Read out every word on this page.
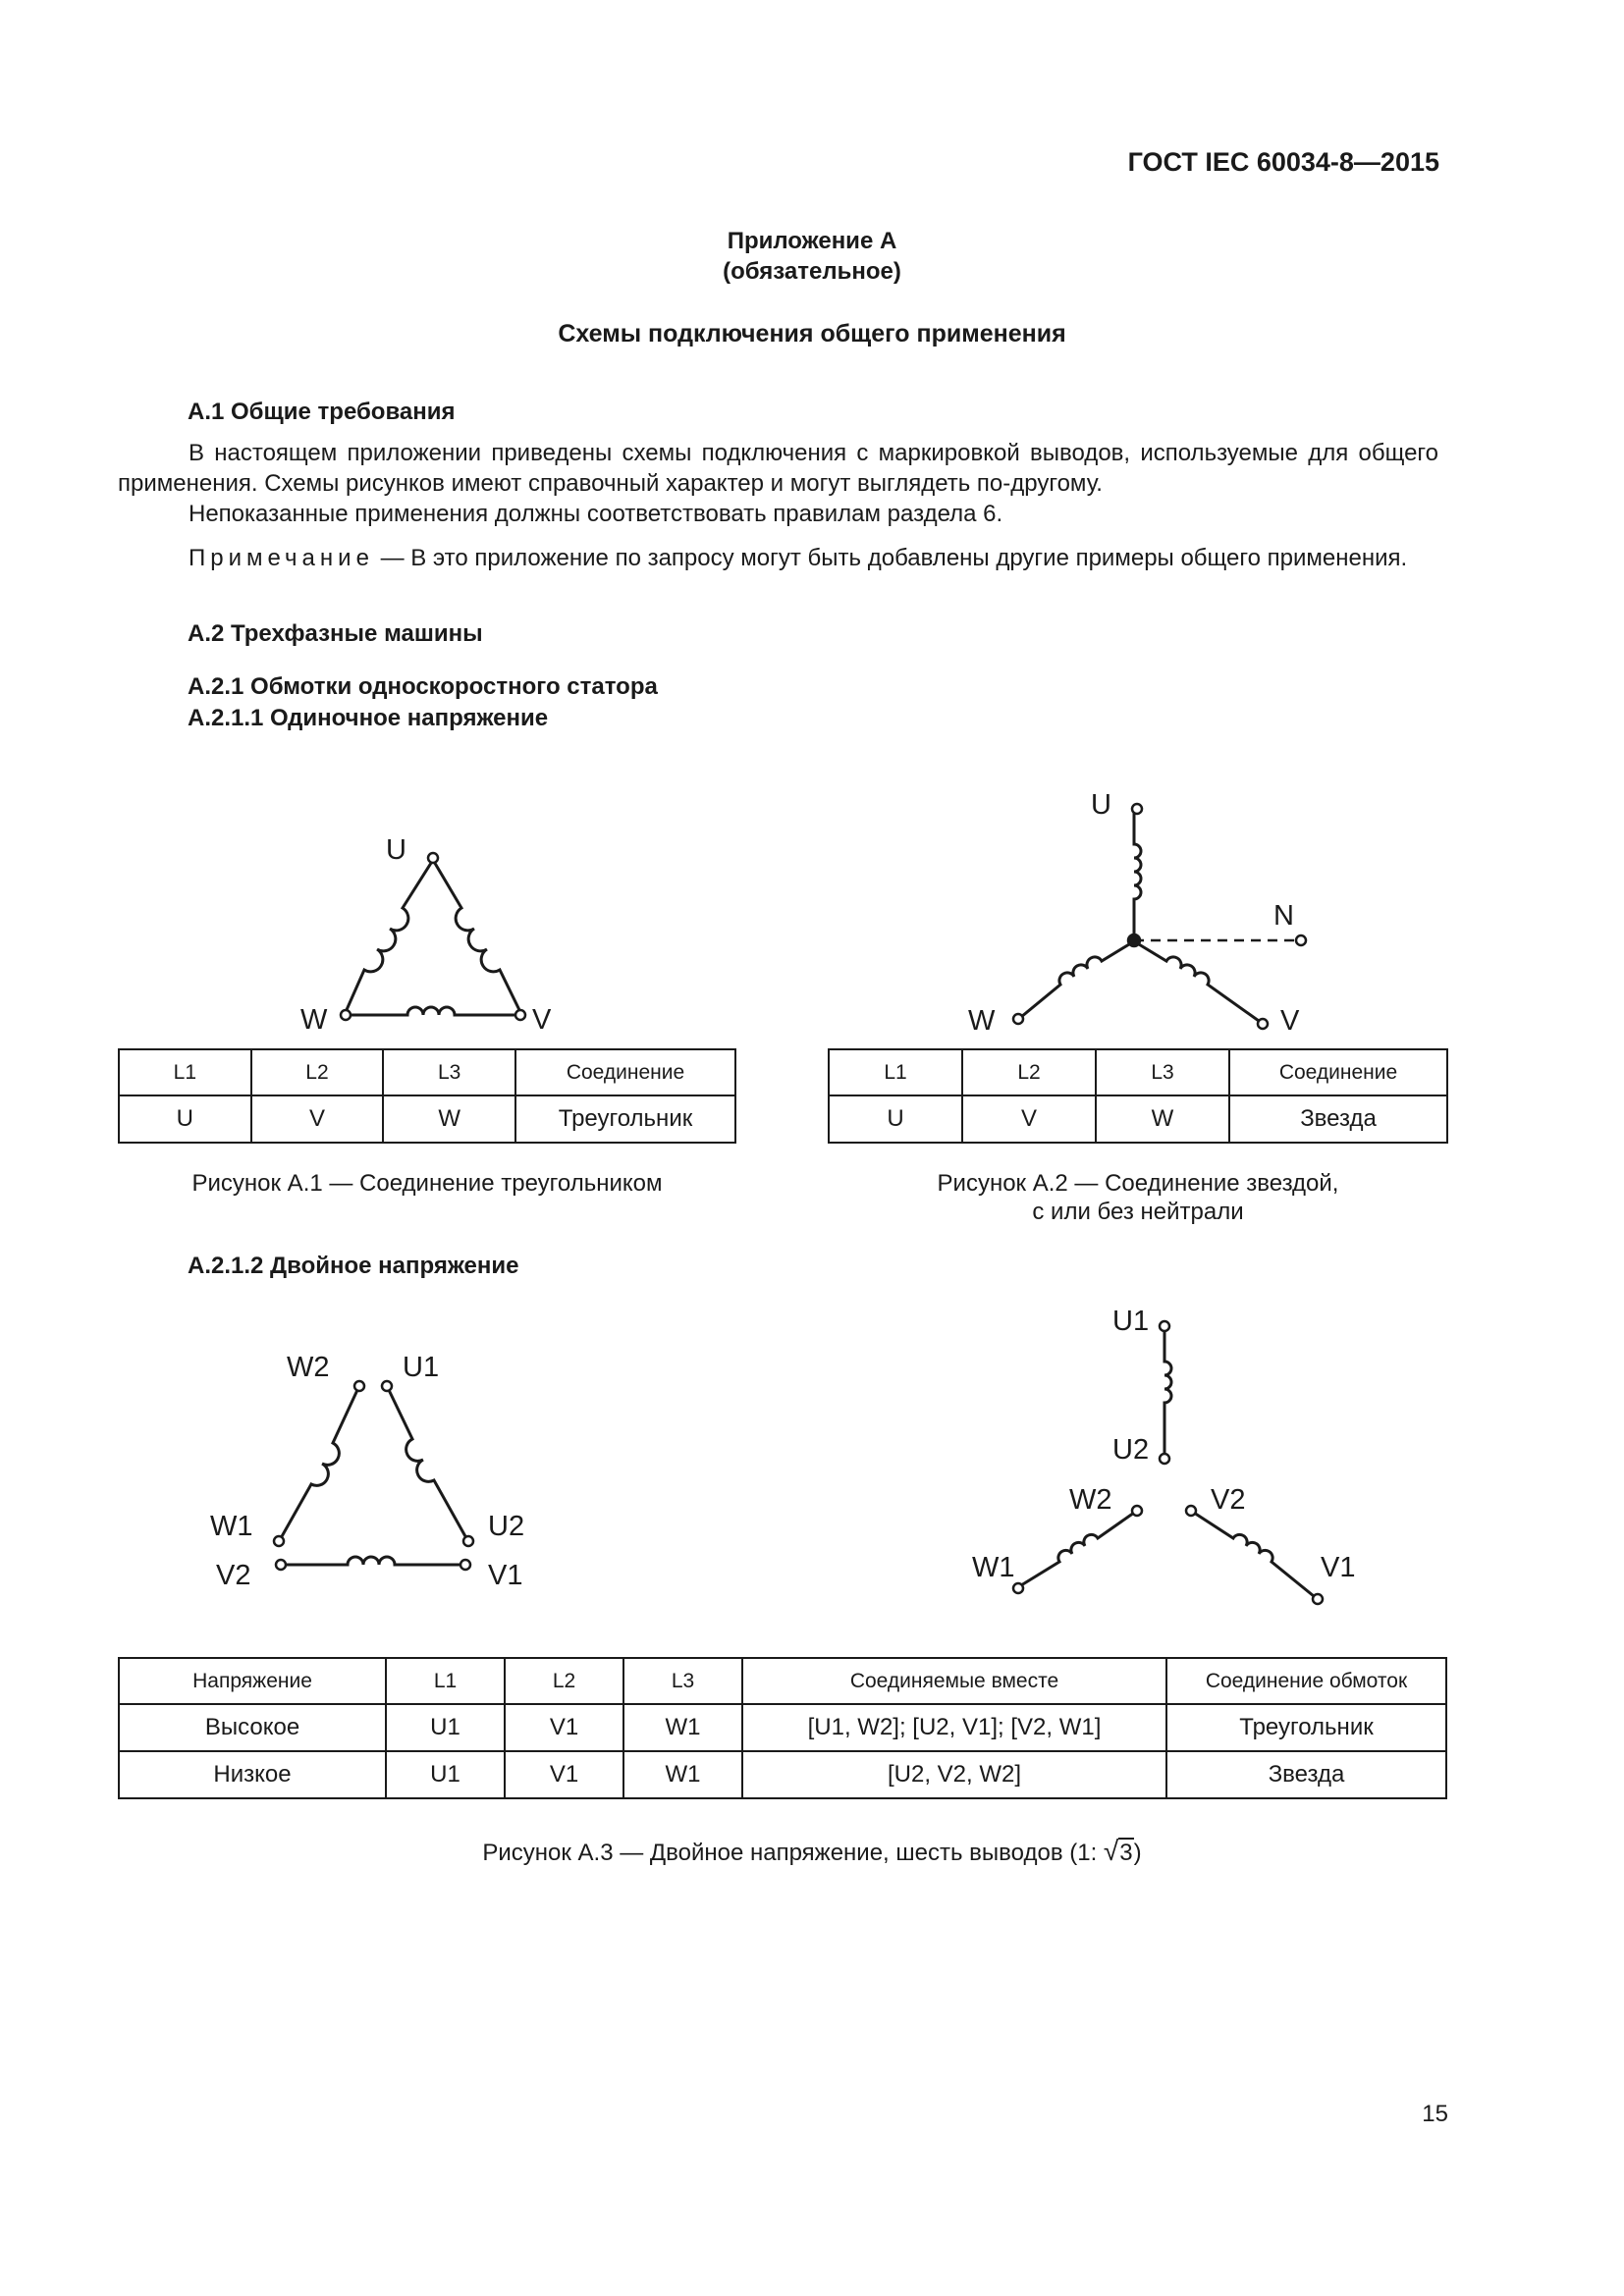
ГОСТ IEC 60034-8—2015
Приложение А
(обязательное)
Схемы подключения общего применения
А.1 Общие требования
В настоящем приложении приведены схемы подключения с маркировкой выводов, используемые для общего применения. Схемы рисунков имеют справочный характер и могут выглядеть по-другому.
Непоказанные применения должны соответствовать правилам раздела 6.
Примечание — В это приложение по запросу могут быть добавлены другие примеры общего применения.
А.2 Трехфазные машины
А.2.1 Обмотки односкоростного статора
А.2.1.1 Одиночное напряжение
U
W	V
L1	L2	L3	Соединение
U	V	W	Треугольник
Рисунок А.1 — Соединение треугольником
U
N
W	V
L1	L2	L3	Соединение
U	V	W	Звезда
Рисунок А.2 — Соединение звездой,
с или без нейтрали
А.2.1.2 Двойное напряжение
W2	U1
W1	U2
V2	V1
U1
U2
W2	V2
W1	V1
Напряжение	L1	L2	L3	Соединяемые вместе	Соединение обмоток
Высокое	U1	V1	W1	[U1, W2]; [U2, V1]; [V2, W1]	Треугольник
Низкое	U1	V1	W1	[U2, V2, W2]	Звезда
Рисунок А.3 — Двойное напряжение, шесть выводов (1: √3)
15
